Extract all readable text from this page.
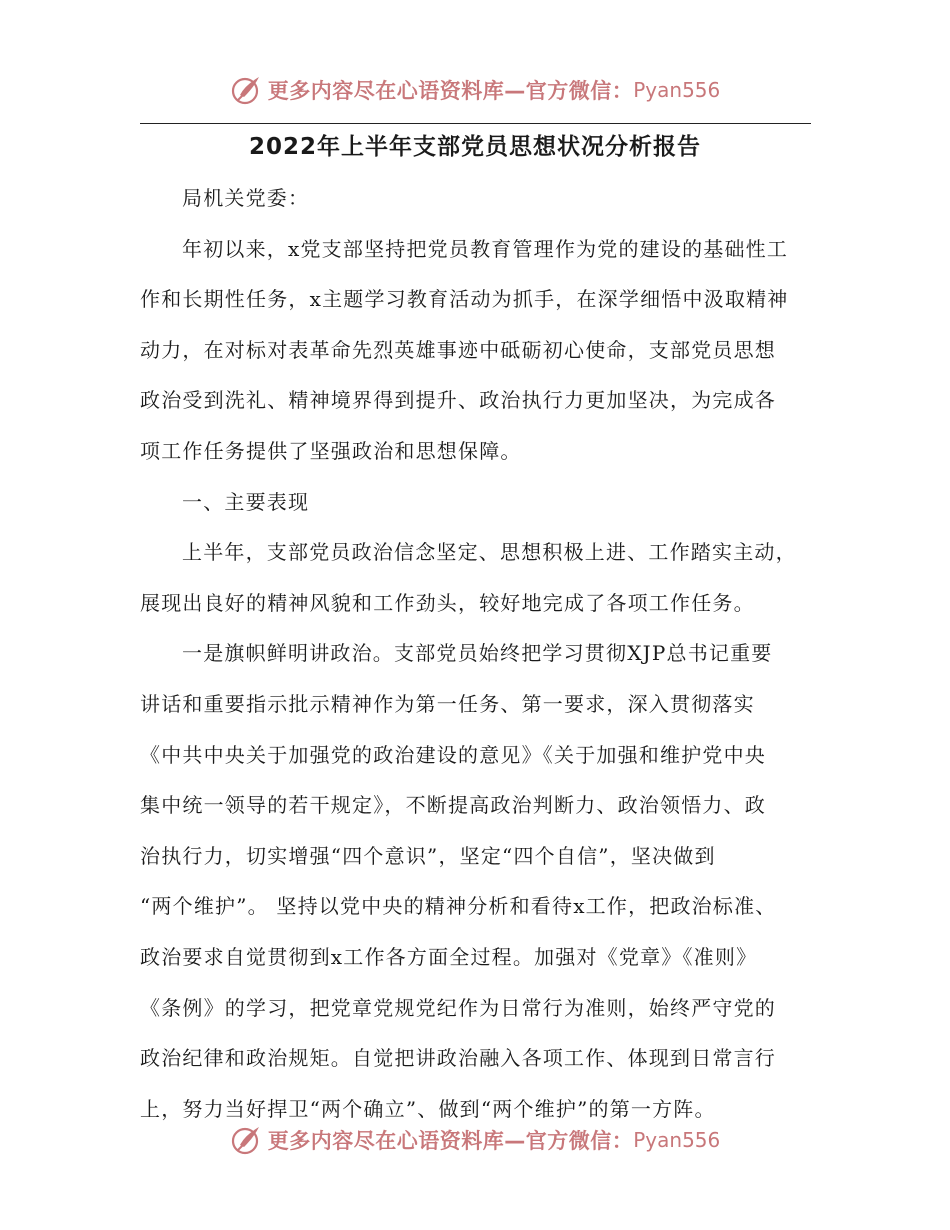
更多内容尽在心语资料库—官方微信： Pyan556
2022年上半年支部党员思想状况分析报告

局机关党委：

年初以来，x党支部坚持把党员教育管理作为党的建设的基础性工

作和长期性任务，x主题学习教育活动为抓手，在深学细悟中汲取精神

动力，在对标对表革命先烈英雄事迹中砥砺初心使命，支部党员思想

政治受到洗礼、精神境界得到提升、政治执行力更加坚决，为完成各

项工作任务提供了坚强政治和思想保障。

一、主要表现

上半年，支部党员政治信念坚定、思想积极上进、工作踏实主动，

展现出良好的精神风貌和工作劲头，较好地完成了各项工作任务。

一是旗帜鲜明讲政治。支部党员始终把学习贯彻XJP总书记重要

讲话和重要指示批示精神作为第一任务、第一要求，深入贯彻落实

《中共中央关于加强党的政治建设的意见》《关于加强和维护党中央

集中统一领导的若干规定》，不断提高政治判断力、政治领悟力、政

治执行力，切实增强“四个意识”，坚定“四个自信”，坚决做到

“两个维护”。 坚持以党中央的精神分析和看待x工作，把政治标准、

政治要求自觉贯彻到x工作各方面全过程。加强对《党章》《准则》

《条例》的学习，把党章党规党纪作为日常行为准则，始终严守党的

政治纪律和政治规矩。自觉把讲政治融入各项工作、体现到日常言行

上，努力当好捍卫“两个确立”、做到“两个维护”的第一方阵。

更多内容尽在心语资料库—官方微信： Pyan556
